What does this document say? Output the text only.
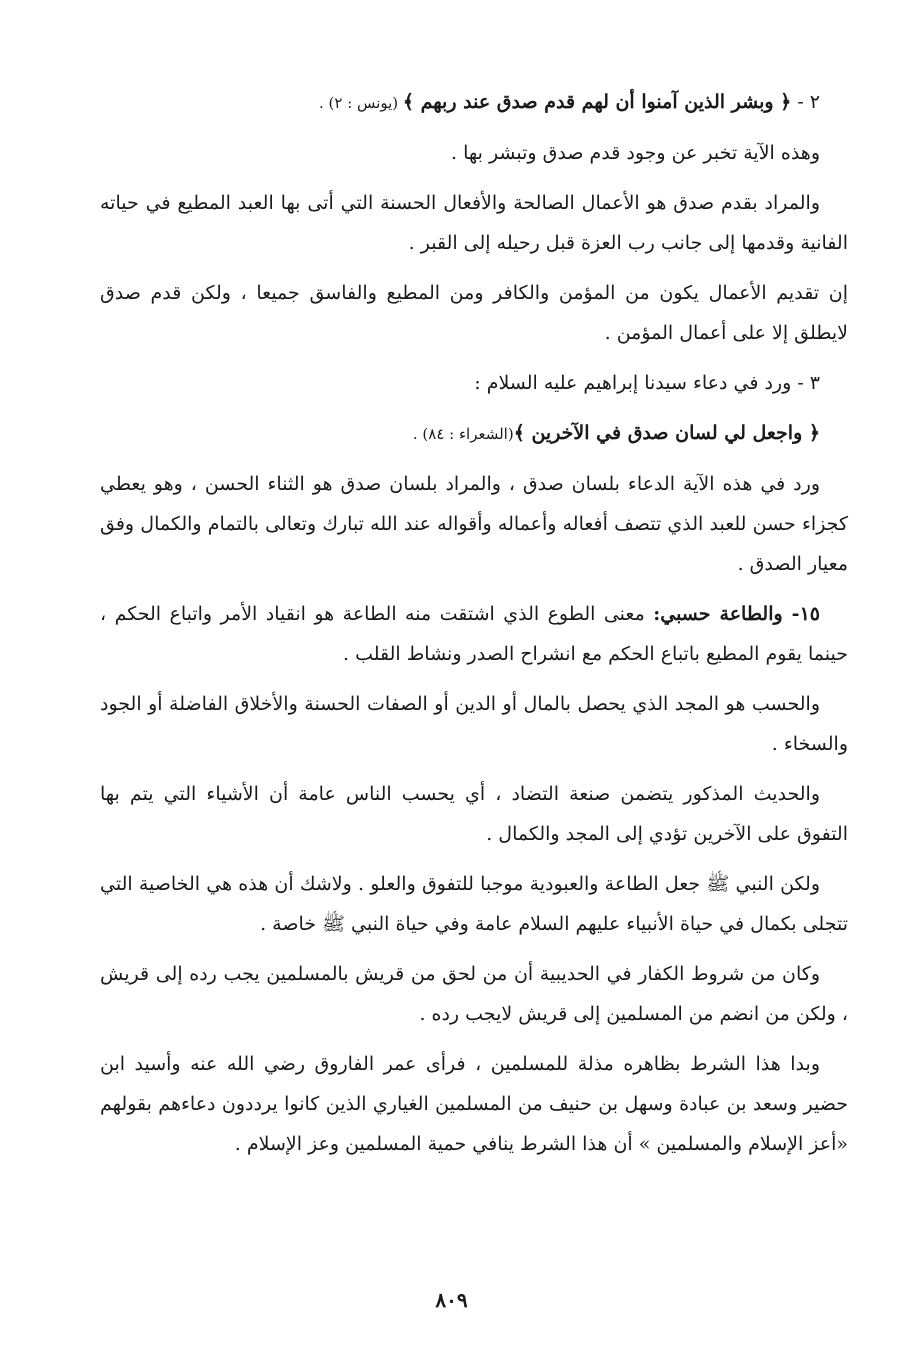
٢ - ﴿ وبشر الذين آمنوا أن لهم قدم صدق عند ربهم ﴾ (يونس : ٢) .

وهذه الآية تخبر عن وجود قدم صدق وتبشر بها .

والمراد بقدم صدق هو الأعمال الصالحة والأفعال الحسنة التي أتى بها العبد المطيع في حياته الفانية وقدمها إلى جانب رب العزة قبل رحيله إلى القبر .

إن تقديم الأعمال يكون من المؤمن والكافر ومن المطيع والفاسق جميعا ، ولكن قدم صدق لايطلق إلا على أعمال المؤمن .

٣ - ورد في دعاء سيدنا إبراهيم عليه السلام :

﴿ واجعل لي لسان صدق في الآخرين ﴾(الشعراء : ٨٤) .

ورد في هذه الآية الدعاء بلسان صدق ، والمراد بلسان صدق هو الثناء الحسن ، وهو يعطي كجزاء حسن للعبد الذي تتصف أفعاله وأعماله وأقواله عند الله تبارك وتعالى بالتمام والكمال وفق معيار الصدق .

١٥- والطاعة حسبي: معنى الطوع الذي اشتقت منه الطاعة هو انقياد الأمر واتباع الحكم ، حينما يقوم المطيع باتباع الحكم مع انشراح الصدر ونشاط القلب .

والحسب هو المجد الذي يحصل بالمال أو الدين أو الصفات الحسنة والأخلاق الفاضلة أو الجود والسخاء .

والحديث المذكور يتضمن صنعة التضاد ، أي يحسب الناس عامة أن الأشياء التي يتم بها التفوق على الآخرين تؤدي إلى المجد والكمال .

ولكن النبي ﷺ جعل الطاعة والعبودية موجبا للتفوق والعلو . ولاشك أن هذه هي الخاصية التي تتجلى بكمال في حياة الأنبياء عليهم السلام عامة وفي حياة النبي ﷺ خاصة .

وكان من شروط الكفار في الحديبية أن من لحق من قريش بالمسلمين يجب رده إلى قريش ، ولكن من انضم من المسلمين إلى قريش لايجب رده .

وبدا هذا الشرط بظاهره مذلة للمسلمين ، فرأى عمر الفاروق رضي الله عنه وأسيد ابن حضير وسعد بن عبادة وسهل بن حنيف من المسلمين الغياري الذين كانوا يرددون دعاءهم بقولهم «أعز الإسلام والمسلمين » أن هذا الشرط ينافي حمية المسلمين وعز الإسلام .

٨٠٩
